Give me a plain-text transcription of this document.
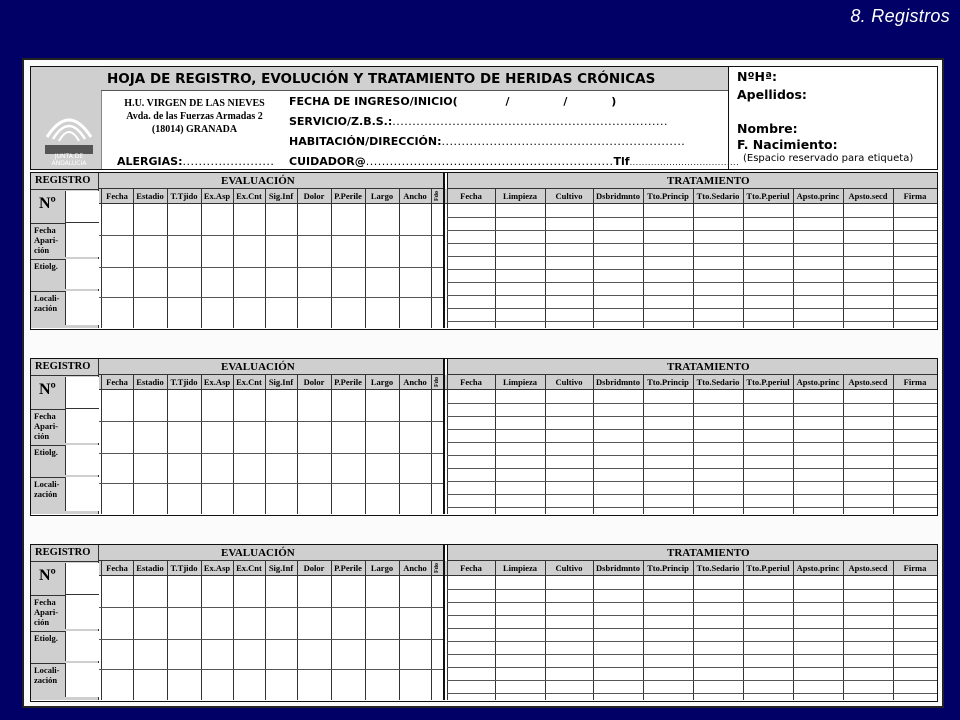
8. Registros
JUNTA DE ANDALUCIA
HOJA DE REGISTRO, EVOLUCIÓN Y TRATAMIENTO DE HERIDAS CRÓNICAS
H.U. VIRGEN DE LAS NIEVES
Avda. de las Fuerzas Armadas 2
(18014) GRANADA
FECHA DE INGRESO/INICIO(	/	/	)
SERVICIO/Z.B.S.:.....................................................................
HABITACIÓN/DIRECCIÓN:.............................................................
ALERGIAS:....................... CUIDADOR@..............................................................Tlf....................................
NºHª:
Apellidos:
Nombre:
F. Nacimiento:
(Espacio reservado para etiqueta)
REGISTRO
Nº
Fecha Apari- ción
Etiolg.
Locali- zación
EVALUACIÓN	TRATAMIENTO
Fecha Estadio T.Tjido Ex.Asp Ex.Cnt Sig.Inf	Dolor	P.Perile	Largo	Ancho	Fdo	Fecha	Limpieza	Cultivo	Dsbridmnto Tto.Princip Tto.Sedario Tto.P.periul Apsto.princ	Apsto.secd	Firma
REGISTRO
Nº
Fecha Apari- ción
Etiolg.
Locali- zación
EVALUACIÓN	TRATAMIENTO
Fecha Estadio T.Tjido Ex.Asp Ex.Cnt Sig.Inf	Dolor	P.Perile	Largo	Ancho	Fdo	Fecha	Limpieza	Cultivo	Dsbridmnto Tto.Princip Tto.Sedario Tto.P.periul Apsto.princ	Apsto.secd	Firma
REGISTRO
Nº
Fecha Apari- ción
Etiolg.
Locali- zación
EVALUACIÓN	TRATAMIENTO
Fecha Estadio T.Tjido Ex.Asp Ex.Cnt Sig.Inf	Dolor	P.Perile	Largo	Ancho	Fdo	Fecha	Limpieza	Cultivo	Dsbridmnto Tto.Princip Tto.Sedario Tto.P.periul Apsto.princ	Apsto.secd	Firma
